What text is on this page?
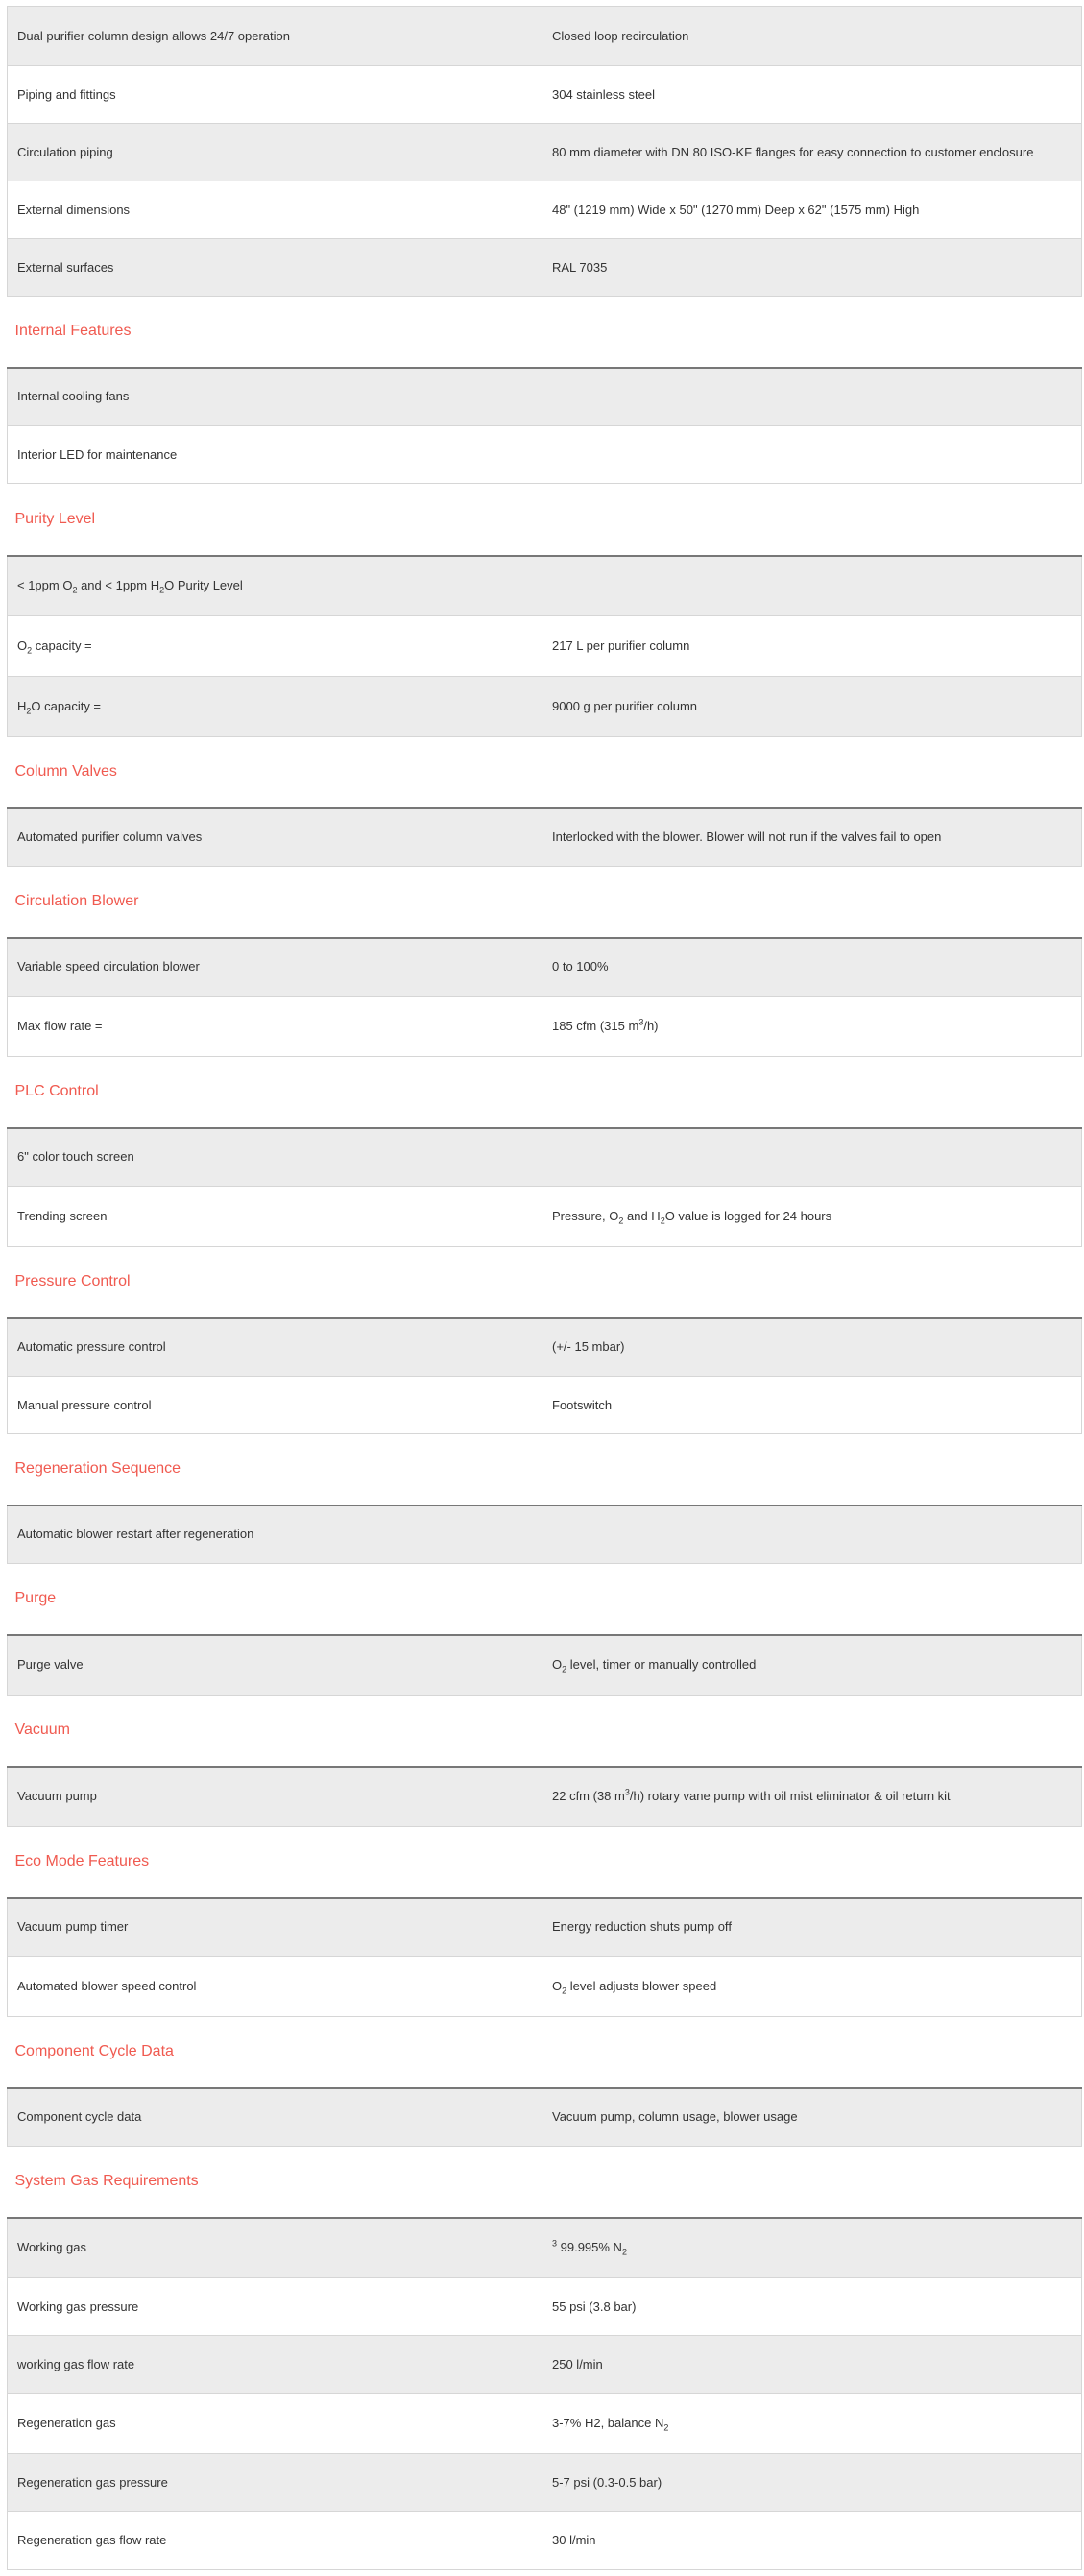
Dual purifier column design allows 24/7 operation	Closed loop recirculation
Piping and fittings	304 stainless steel
Circulation piping	80 mm diameter with DN 80 ISO-KF flanges for easy connection to customer enclosure
External dimensions	48" (1219 mm) Wide x 50" (1270 mm) Deep x 62" (1575 mm) High
External surfaces	RAL 7035
Internal Features	
Internal cooling fans	
Interior LED for maintenance	
Purity Level	
< 1ppm $O_2$ and < 1ppm $H_2O$ Purity Level	
$O_2$ capacity =	217 L per purifier column
$H_2O$ capacity =	9000 g per purifier column
Column Valves	
Automated purifier column valves	Interlocked with the blower. Blower will not run if the valves fail to open
Circulation Blower	
Variable speed circulation blower	0 to 100%
Max flow rate =	185 cfm (315 $m^3/h$)
PLC Control	
6" color touch screen	
Trending screen	Pressure, $O_2$ and $H_2O$ value is logged for 24 hours
Pressure Control	
Automatic pressure control	(+/- 15 mbar)
Manual pressure control	Footswitch
Regeneration Sequence	
Automatic blower restart after regeneration	
Purge	
Purge valve	$O_2$ level, timer or manually controlled
Vacuum	
Vacuum pump	22 cfm (38 $m^3/h$) rotary vane pump with oil mist eliminator & oil return kit
Eco Mode Features	
Vacuum pump timer	Energy reduction shuts pump off
Automated blower speed control	$O_2$ level adjusts blower speed
Component Cycle Data	
Component cycle data	Vacuum pump, column usage, blower usage
System Gas Requirements	
Working gas	$^3$ 99.995% $N_2$
Working gas pressure	55 psi (3.8 bar)
working gas flow rate	250 l/min
Regeneration gas	3-7% H2, balance $N_2$
Regeneration gas pressure	5-7 psi (0.3-0.5 bar)
Regeneration gas flow rate	30 l/min
